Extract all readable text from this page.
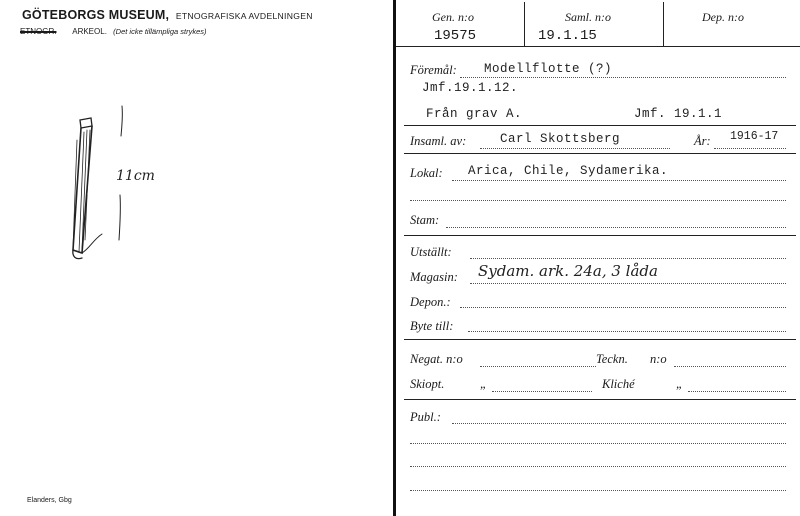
GÖTEBORGS MUSEUM, ETNOGRAFISKA AVDELNINGEN
ETNOGR. ARKEOL. (Det icke tillämpliga strykes)
11cm
Elanders, Gbg
Gen. n:o
19575
Saml. n:o
19.1.15
Dep. n:o
Föremål: Modellflotte (?)
Jmf.19.1.12.
Från grav A.	Jmf. 19.1.1
Insaml. av:	Carl Skottsberg	År: 1916-17
Lokal: Arica, Chile, Sydamerika.
Stam:
Utställt:
Magasin: Sydam. ark. 24a, 3 låda
Depon.:
Byte till:
Negat. n:o	Teckn. n:o
Skiopt.	„	Kliché	„
Publ.:
